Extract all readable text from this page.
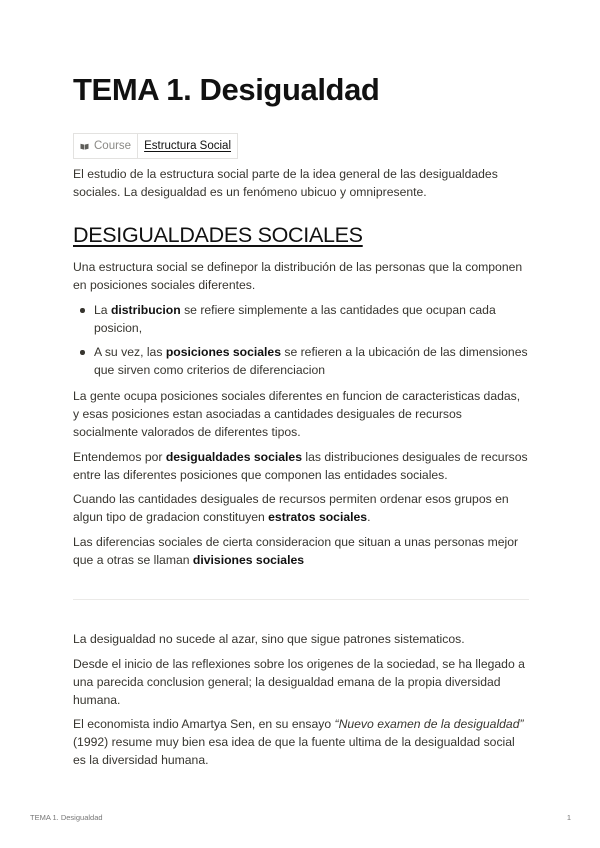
TEMA 1. Desigualdad
Course	Estructura Social

El estudio de la estructura social parte de la idea general de las desigualdades sociales. La desigualdad es un fenómeno ubicuo y omnipresente.

DESIGUALDADES SOCIALES

Una estructura social se definepor la distribución de las personas que la componen en posiciones sociales diferentes.

La distribucion se refiere simplemente a las cantidades que ocupan cada posicion,
A su vez, las posiciones sociales se refieren a la ubicación de las dimensiones que sirven como criterios de diferenciacion

La gente ocupa posiciones sociales diferentes en funcion de caracteristicas dadas, y esas posiciones estan asociadas a cantidades desiguales de recursos socialmente valorados de diferentes tipos.

Entendemos por desigualdades sociales las distribuciones desiguales de recursos entre las diferentes posiciones que componen las entidades sociales.

Cuando las cantidades desiguales de recursos permiten ordenar esos grupos en algun tipo de gradacion constituyen estratos sociales.

Las diferencias sociales de cierta consideracion que situan a unas personas mejor que a otras se llaman divisiones sociales

La desigualdad no sucede al azar, sino que sigue patrones sistematicos.

Desde el inicio de las reflexiones sobre los origenes de la sociedad, se ha llegado a una parecida conclusion general; la desigualdad emana de la propia diversidad humana.

El economista indio Amartya Sen, en su ensayo “Nuevo examen de la desigualdad” (1992) resume muy bien esa idea de que la fuente ultima de la desigualdad social es la diversidad humana.

TEMA 1. Desigualdad	1
